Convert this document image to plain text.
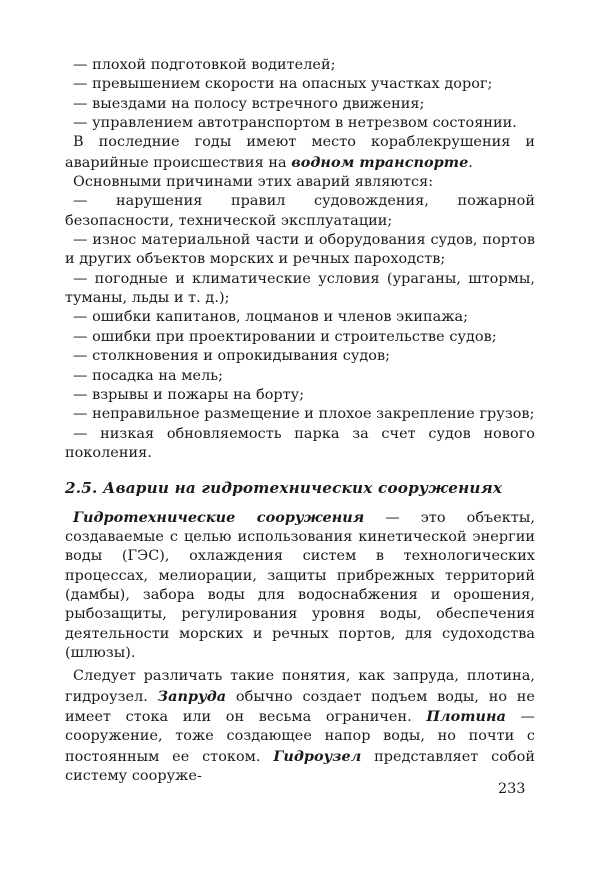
— плохой подготовкой водителей;

— превышением скорости на опасных участках дорог;

— выездами на полосу встречного движения;

— управлением автотранспортом в нетрезвом состоянии.

В последние годы имеют место кораблекрушения и аварийные происшествия на водном транспорте.

Основными причинами этих аварий являются:

— нарушения правил судовождения, пожарной безопасности, технической эксплуатации;

— износ материальной части и оборудования судов, портов и других объектов морских и речных пароходств;

— погодные и климатические условия (ураганы, штормы, туманы, льды и т. д.);

— ошибки капитанов, лоцманов и членов экипажа;

— ошибки при проектировании и строительстве судов;

— столкновения и опрокидывания судов;

— посадка на мель;

— взрывы и пожары на борту;

— неправильное размещение и плохое закрепление грузов;

— низкая обновляемость парка за счет судов нового поколения.

2.5. Аварии на гидротехнических сооружениях

Гидротехнические сооружения — это объекты, создаваемые с целью использования кинетической энергии воды (ГЭС), охлаждения систем в технологических процессах, мелиорации, защиты прибрежных территорий (дамбы), забора воды для водоснабжения и орошения, рыбозащиты, регулирования уровня воды, обеспечения деятельности морских и речных портов, для судоходства (шлюзы).

Следует различать такие понятия, как запруда, плотина, гидроузел. Запруда обычно создает подъем воды, но не имеет стока или он весьма ограничен. Плотина — сооружение, тоже создающее напор воды, но почти с постоянным ее стоком. Гидроузел представляет собой систему сооруже-

233
